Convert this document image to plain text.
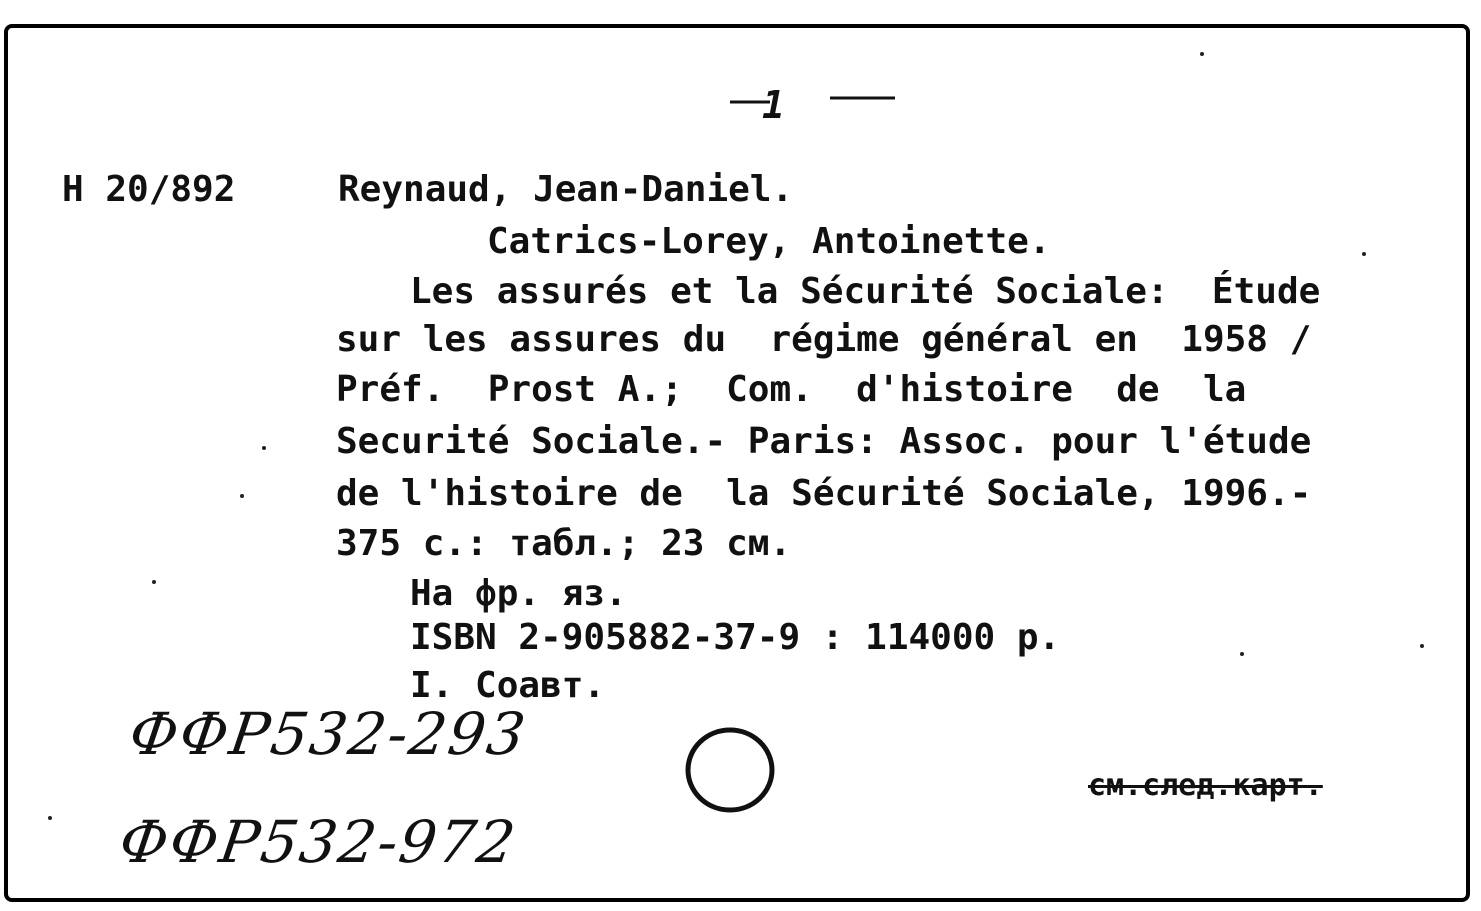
1
H 20/892	Reynaud, Jean-Daniel.
Catrics-Lorey, Antoinette.
Les assurés et la Sécurité Sociale:  Étude
sur les assures du  régime général en  1958 /
Préf.  Prost A.;  Com.  d'histoire  de  la
Securité Sociale.- Paris: Assoc. pour l'étude
de l'histoire de  la Sécurité Sociale, 1996.-
375 с.: табл.; 23 см.
На фр. яз.
ISBN 2-905882-37-9 : 114000 р.
I. Соавт.
ФФР532-293
ФФР532-972
см.след.карт.
